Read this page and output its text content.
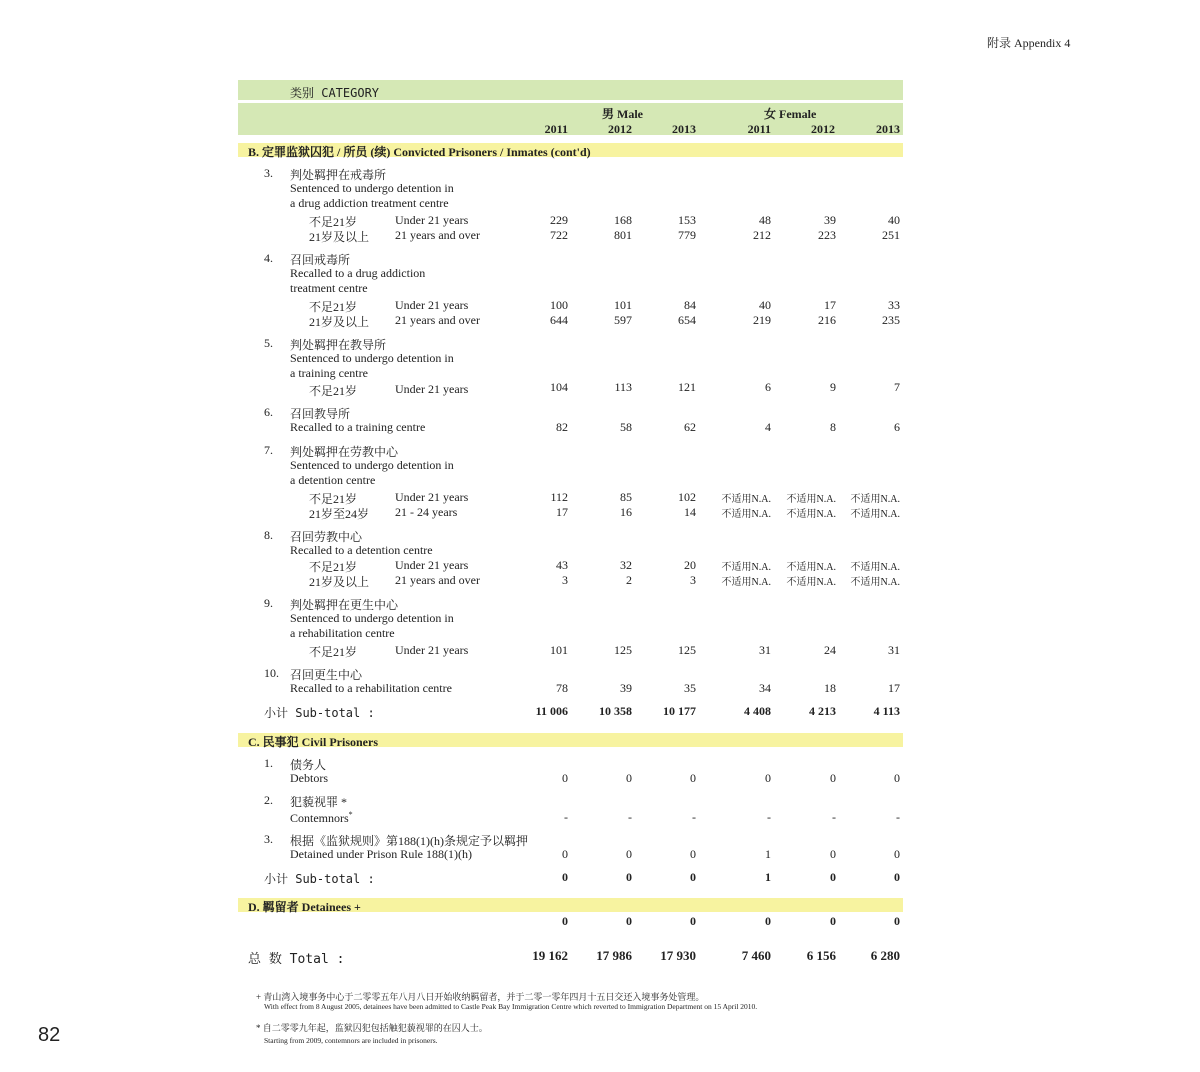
附录 Appendix 4
类别 CATEGORY
男 Male	女 Female
2011	2012	2013	2011	2012	2013
B. 定罪监狱囚犯 / 所员 (续) Convicted Prisoners / Inmates (cont'd)
3. 判处羁押在戒毒所
Sentenced to undergo detention in
a drug addiction treatment centre
不足21岁	Under 21 years	229	168	153	48	39	40
21岁及以上 21 years and over	722	801	779	212	223	251
4. 召回戒毒所
Recalled to a drug addiction
treatment centre
不足21岁	Under 21 years	100	101	84	40	17	33
21岁及以上 21 years and over	644	597	654	219	216	235
5. 判处羁押在教导所
Sentenced to undergo detention in
a training centre
不足21岁	Under 21 years	104	113	121	6	9	7
6. 召回教导所
Recalled to a training centre	82	58	62	4	8	6
7. 判处羁押在劳教中心
Sentenced to undergo detention in
a detention centre
不足21岁	Under 21 years	112	85	102	不适用N.A.	不适用N.A.	不适用N.A.
21岁至24岁 21 - 24 years	17	16	14	不适用N.A.	不适用N.A.	不适用N.A.
8. 召回劳教中心
Recalled to a detention centre
不足21岁	Under 21 years	43	32	20	不适用N.A.	不适用N.A.	不适用N.A.
21岁及以上 21 years and over	3	2	3	不适用N.A.	不适用N.A.	不适用N.A.
9. 判处羁押在更生中心
Sentenced to undergo detention in
a rehabilitation centre
不足21岁	Under 21 years	101	125	125	31	24	31
10. 召回更生中心
Recalled to a rehabilitation centre	78	39	35	34	18	17
小计 Sub-total :	11 006	10 358	10 177	4 408	4 213	4 113
C. 民事犯 Civil Prisoners
1. 债务人
Debtors	0	0	0	0	0	0
2. 犯藐视罪 *
Contemnors*	-	-	-	-	-	-
3. 根据《监狱规则》第188(1)(h)条规定予以羁押
Detained under Prison Rule 188(1)(h)	0	0	0	1	0	0
小计 Sub-total :	0	0	0	1	0	0
D. 羁留者 Detainees +
0	0	0	0	0	0
总 数 Total :	19 162	17 986	17 930	7 460	6 156	6 280
+ 青山湾入境事务中心于二零零五年八月八日开始收纳羁留者，并于二零一零年四月十五日交还入境事务处管理。
With effect from 8 August 2005, detainees have been admitted to Castle Peak Bay Immigration Centre which reverted to Immigration Department on 15 April 2010.
* 自二零零九年起，监狱囚犯包括触犯藐视罪的在囚人士。
Starting from 2009, contemnors are included in prisoners.
82
